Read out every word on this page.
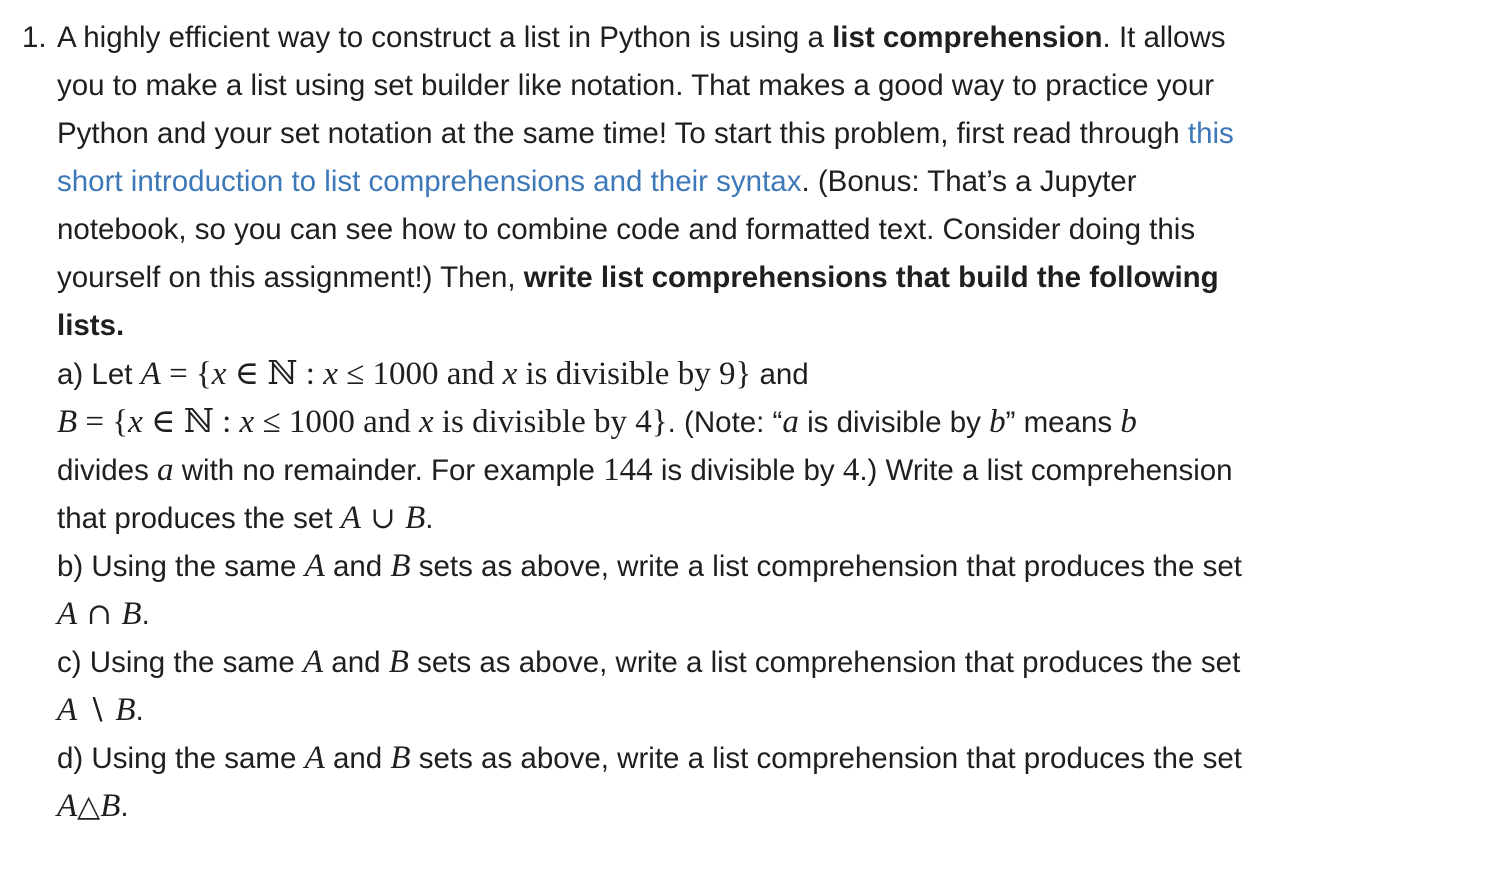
1. A highly efficient way to construct a list in Python is using a list comprehension. It allows
you to make a list using set builder like notation. That makes a good way to practice your
Python and your set notation at the same time! To start this problem, first read through this
short introduction to list comprehensions and their syntax. (Bonus: That’s a Jupyter
notebook, so you can see how to combine code and formatted text. Consider doing this
yourself on this assignment!) Then, write list comprehensions that build the following
lists.
a) Let A = {x ∈ ℕ : x ≤ 1000 and x is divisible by 9} and
B = {x ∈ ℕ : x ≤ 1000 and x is divisible by 4}. (Note: “a is divisible by b” means b
divides a with no remainder. For example 144 is divisible by 4.) Write a list comprehension
that produces the set A ∪ B.
b) Using the same A and B sets as above, write a list comprehension that produces the set
A ∩ B.
c) Using the same A and B sets as above, write a list comprehension that produces the set
A ∖ B.
d) Using the same A and B sets as above, write a list comprehension that produces the set
A△B.
